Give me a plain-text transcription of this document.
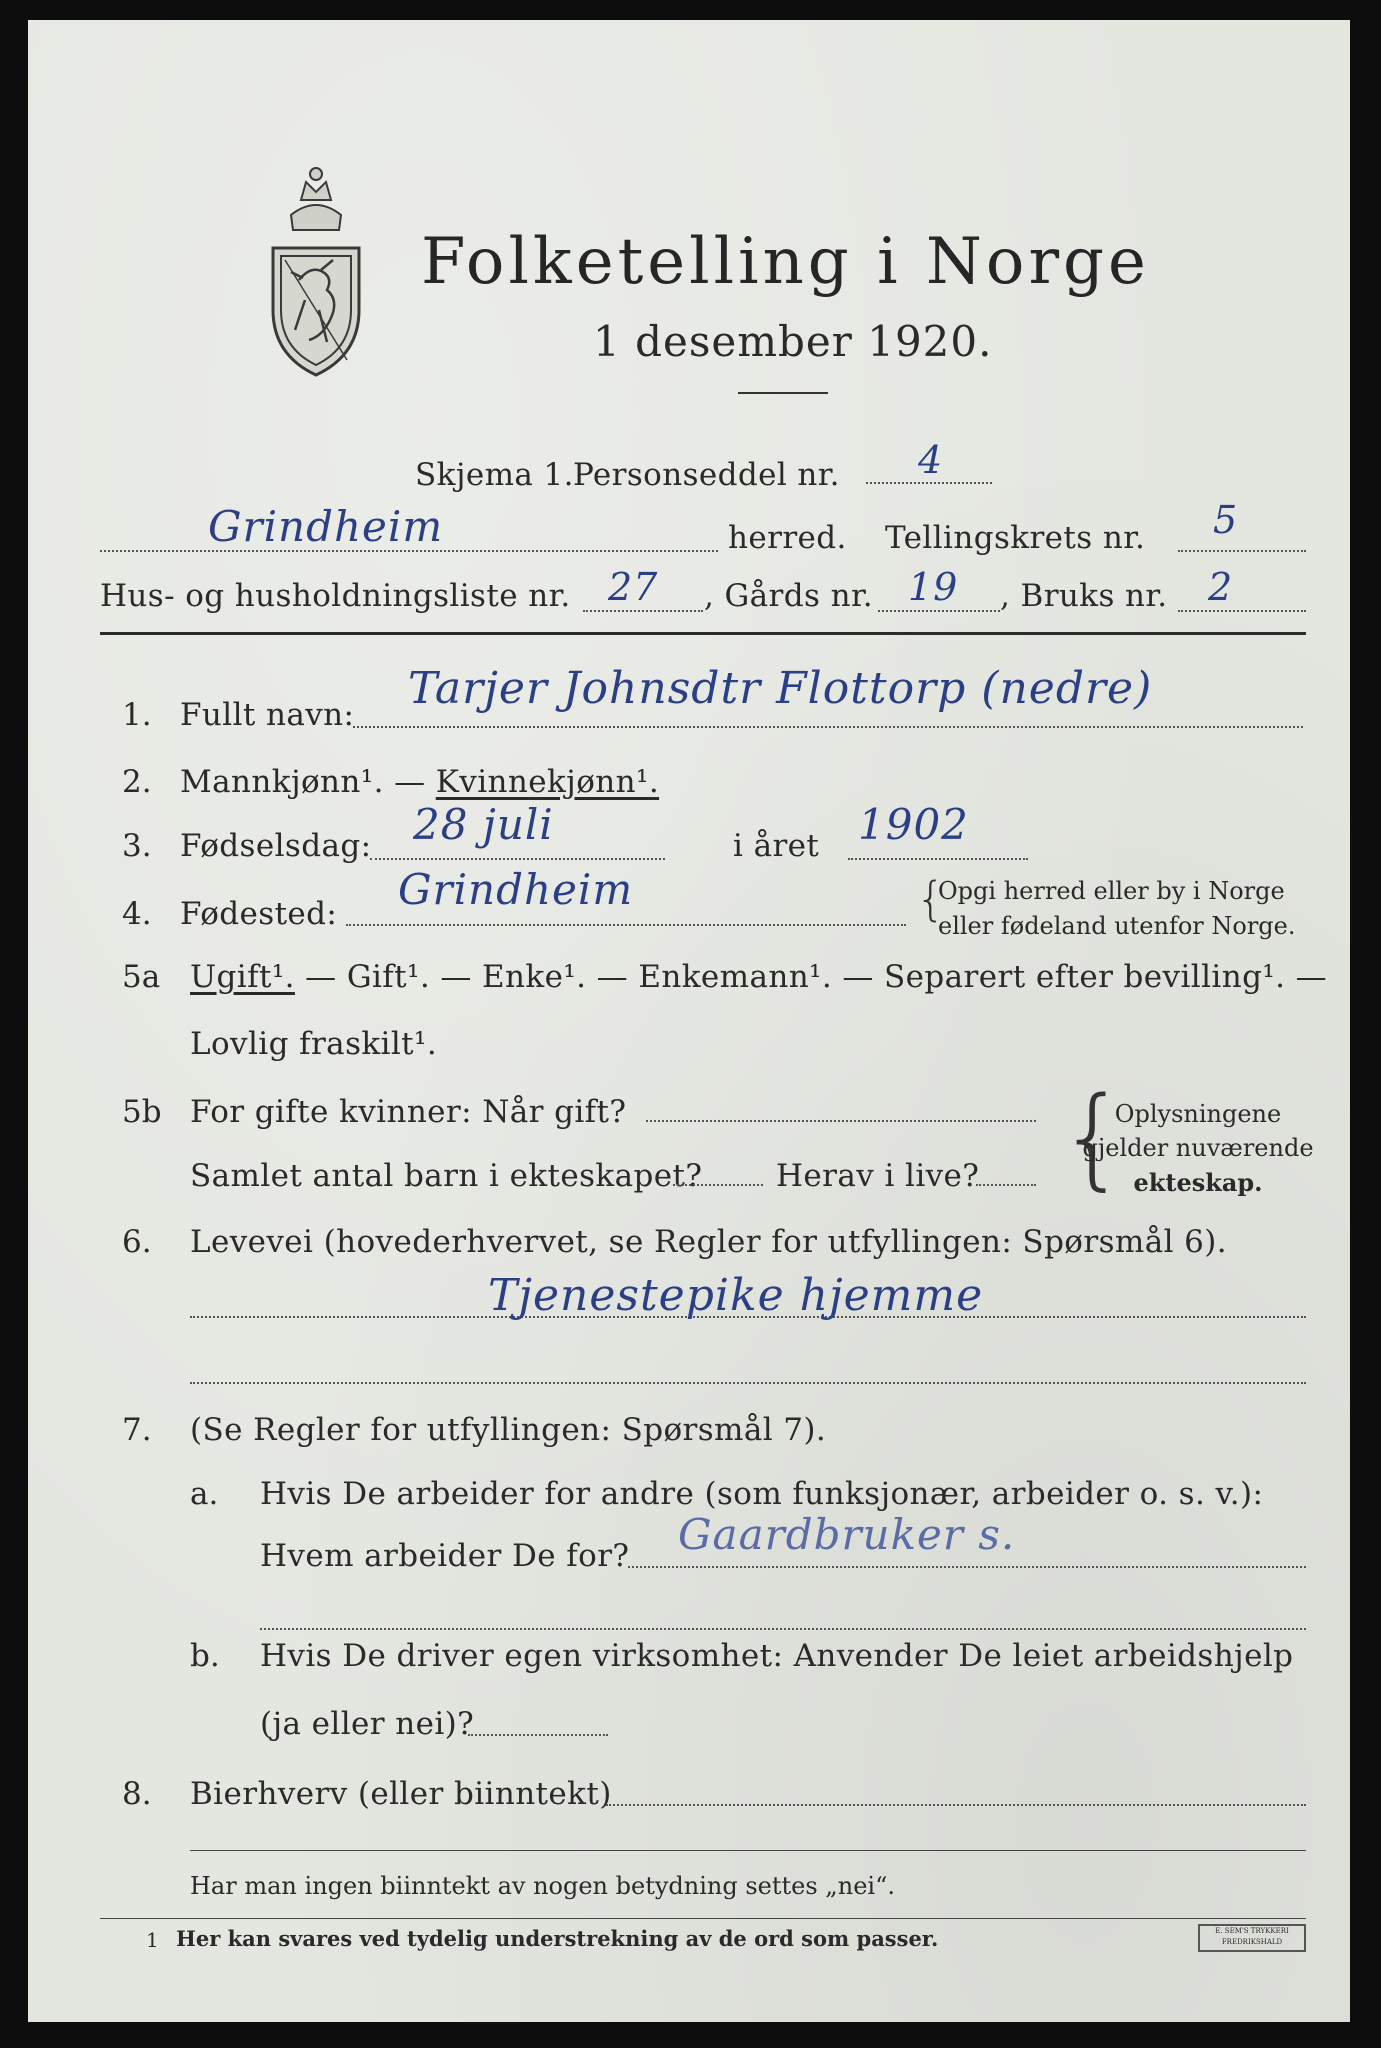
Folketelling i Norge
1 desember 1920.
Skjema 1. Personseddel nr. 4
Grindheim	herred. Tellingskrets nr. 5
Hus- og husholdningsliste nr. 27 , Gårds nr. 19 , Bruks nr. 2
1. Fullt navn:
Tarjer Johnsdtr Flottorp (nedre)
2. Mannkjønn¹. — Kvinnekjønn¹.
3. Fødselsdag: 28 juli	i året 1902
4. Fødested: Grindheim	{
Opgi herred eller by i Norge
eller fødeland utenfor Norge.
5a Ugift¹. — Gift¹. — Enke¹. — Enkemann¹. — Separert efter bevilling¹. —
Lovlig fraskilt¹.
5b For gifte kvinner: Når gift?
Samlet antal barn i ekteskapet? Herav i live? {
Oplysningene
gjelder nuværende
ekteskap.
6. Levevei (hovederhvervet, se Regler for utfyllingen: Spørsmål 6).
Tjenestepike hjemme
7. (Se Regler for utfyllingen: Spørsmål 7).
a. Hvis De arbeider for andre (som funksjonær, arbeider o. s. v.):
Hvem arbeider De for? Gaardbruker s.
b. Hvis De driver egen virksomhet: Anvender De leiet arbeidshjelp
(ja eller nei)?
8. Bierhverv (eller biinntekt)
Har man ingen biinntekt av nogen betydning settes „nei“.
1 Her kan svares ved tydelig understrekning av de ord som passer.	E. SEM'S TRYKKERI FREDRIKSHALD
